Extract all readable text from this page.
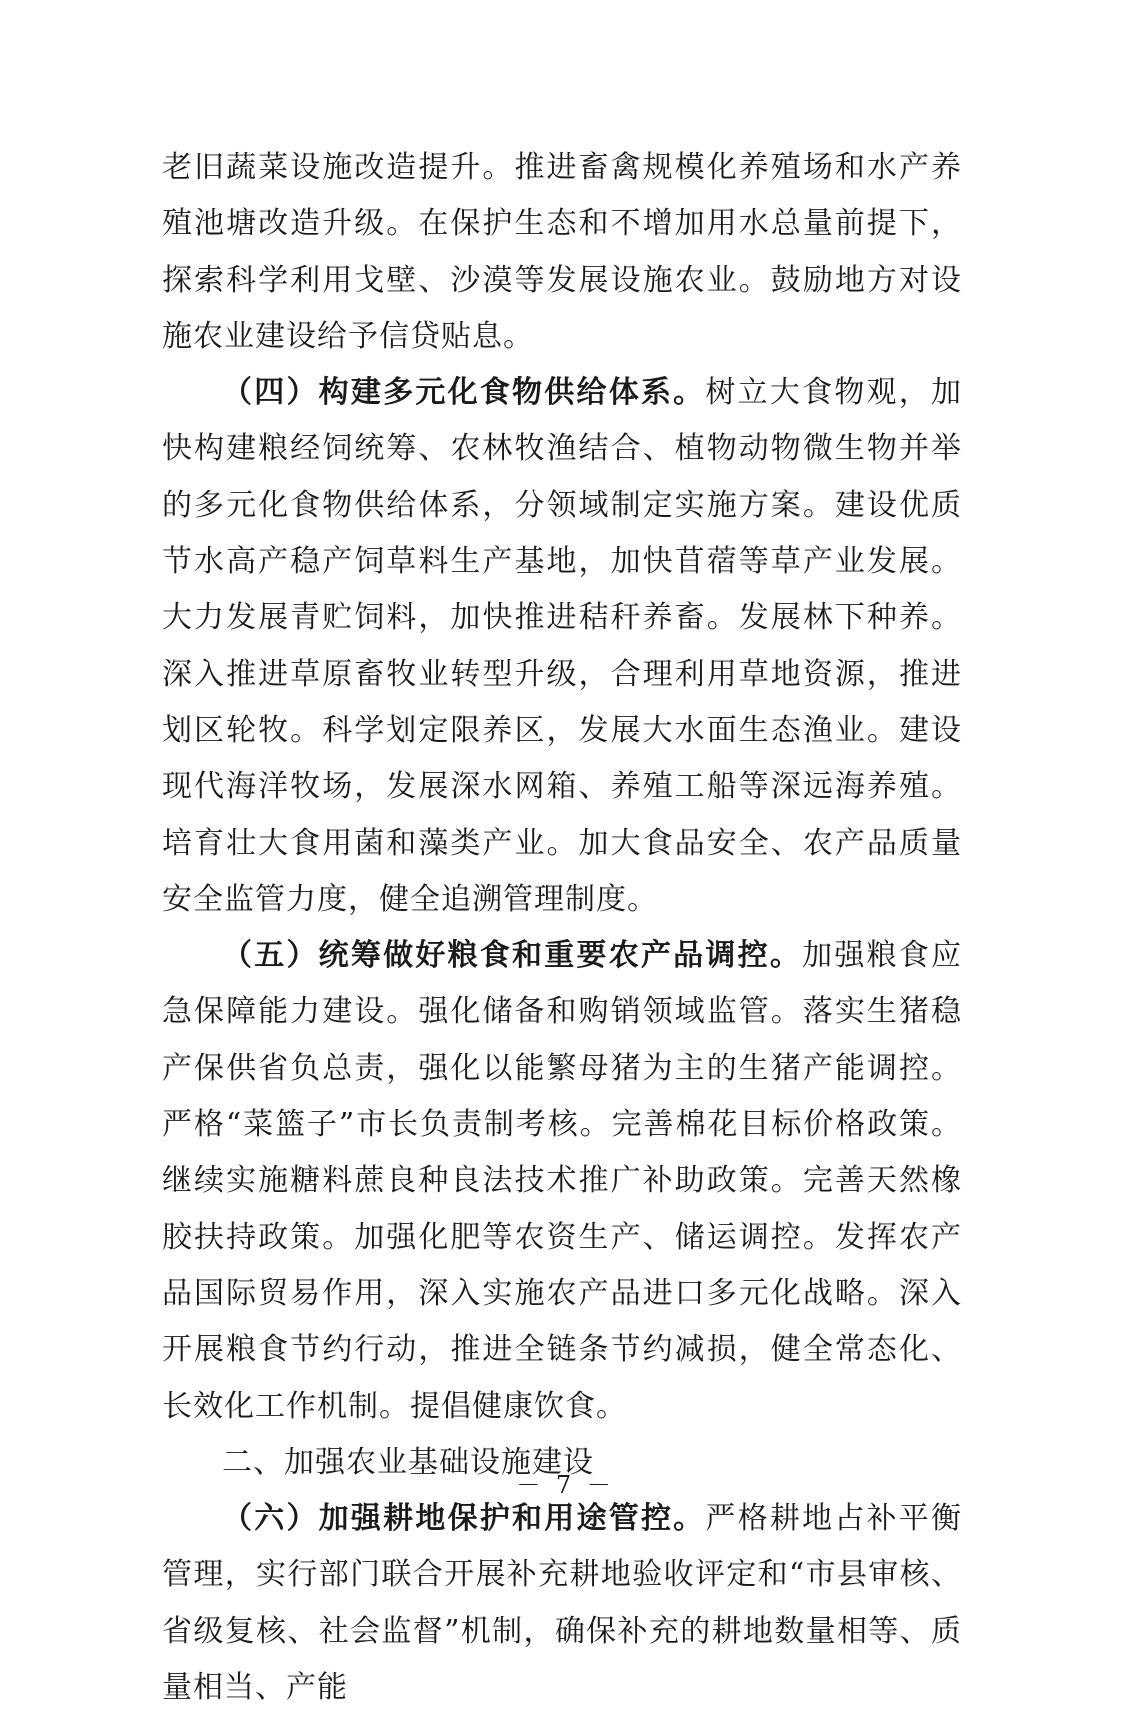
老旧蔬菜设施改造提升。推进畜禽规模化养殖场和水产养殖池塘改造升级。在保护生态和不增加用水总量前提下，探索科学利用戈壁、沙漠等发展设施农业。鼓励地方对设施农业建设给予信贷贴息。

（四）构建多元化食物供给体系。树立大食物观，加快构建粮经饲统筹、农林牧渔结合、植物动物微生物并举的多元化食物供给体系，分领域制定实施方案。建设优质节水高产稳产饲草料生产基地，加快苜蓿等草产业发展。大力发展青贮饲料，加快推进秸秆养畜。发展林下种养。深入推进草原畜牧业转型升级，合理利用草地资源，推进划区轮牧。科学划定限养区，发展大水面生态渔业。建设现代海洋牧场，发展深水网箱、养殖工船等深远海养殖。培育壮大食用菌和藻类产业。加大食品安全、农产品质量安全监管力度，健全追溯管理制度。

（五）统筹做好粮食和重要农产品调控。加强粮食应急保障能力建设。强化储备和购销领域监管。落实生猪稳产保供省负总责，强化以能繁母猪为主的生猪产能调控。严格“菜篮子”市长负责制考核。完善棉花目标价格政策。继续实施糖料蔗良种良法技术推广补助政策。完善天然橡胶扶持政策。加强化肥等农资生产、储运调控。发挥农产品国际贸易作用，深入实施农产品进口多元化战略。深入开展粮食节约行动，推进全链条节约减损，健全常态化、长效化工作机制。提倡健康饮食。

二、加强农业基础设施建设

（六）加强耕地保护和用途管控。严格耕地占补平衡管理，实行部门联合开展补充耕地验收评定和“市县审核、省级复核、社会监督”机制，确保补充的耕地数量相等、质量相当、产能

－ 7 －
